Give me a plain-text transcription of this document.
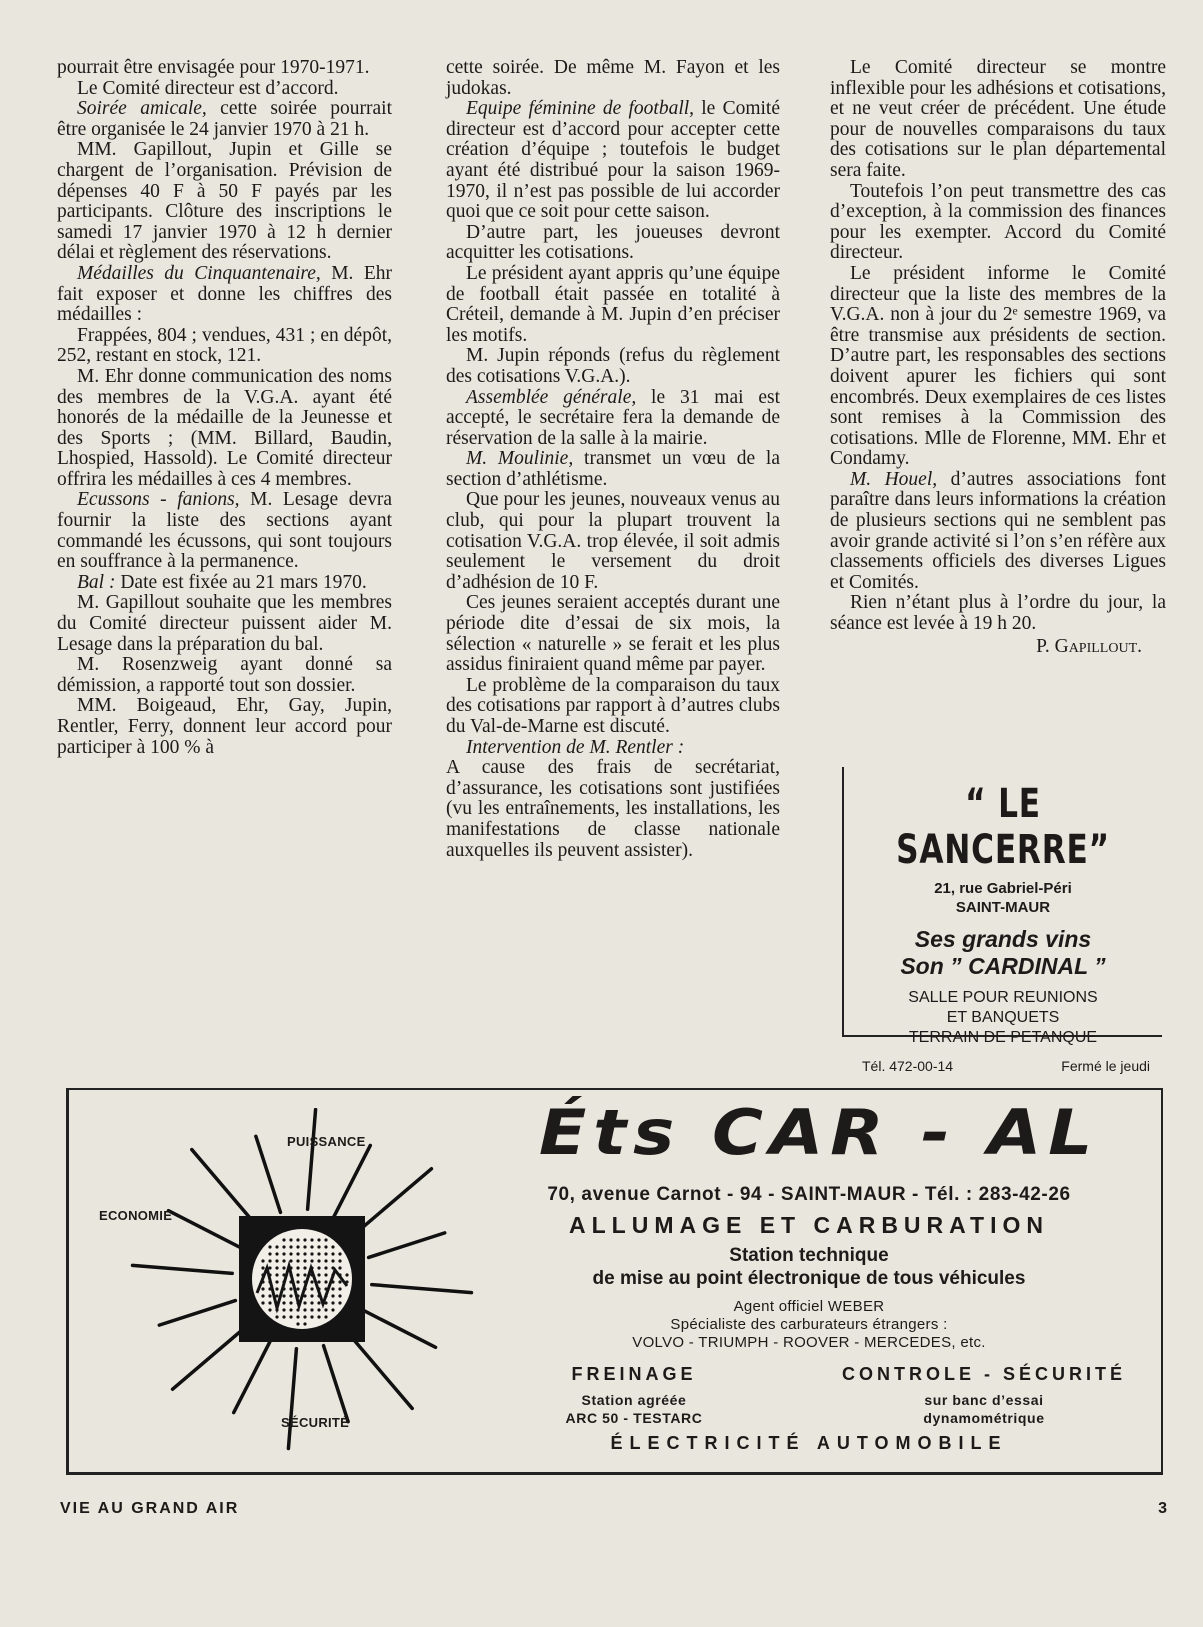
pourrait être envisagée pour 1970-1971.

Le Comité directeur est d’accord.

Soirée amicale, cette soirée pourrait être organisée le 24 janvier 1970 à 21 h.

MM. Gapillout, Jupin et Gille se chargent de l’organisation. Prévision de dépenses 40 F à 50 F payés par les participants. Clôture des inscriptions le samedi 17 janvier 1970 à 12 h dernier délai et règlement des réservations.

Médailles du Cinquantenaire, M. Ehr fait exposer et donne les chiffres des médailles :

Frappées, 804 ; vendues, 431 ; en dépôt, 252, restant en stock, 121.

M. Ehr donne communication des noms des membres de la V.G.A. ayant été honorés de la médaille de la Jeunesse et des Sports ; (MM. Billard, Baudin, Lhospied, Hassold). Le Comité directeur offrira les médailles à ces 4 membres.

Ecussons - fanions, M. Lesage devra fournir la liste des sections ayant commandé les écussons, qui sont toujours en souffrance à la permanence.

Bal : Date est fixée au 21 mars 1970.

M. Gapillout souhaite que les membres du Comité directeur puissent aider M. Lesage dans la préparation du bal.

M. Rosenzweig ayant donné sa démission, a rapporté tout son dossier.

MM. Boigeaud, Ehr, Gay, Jupin, Rentler, Ferry, donnent leur accord pour participer à 100 % à

cette soirée. De même M. Fayon et les judokas.

Equipe féminine de football, le Comité directeur est d’accord pour accepter cette création d’équipe ; toutefois le budget ayant été distribué pour la saison 1969-1970, il n’est pas possible de lui accorder quoi que ce soit pour cette saison.

D’autre part, les joueuses devront acquitter les cotisations.

Le président ayant appris qu’une équipe de football était passée en totalité à Créteil, demande à M. Jupin d’en préciser les motifs.

M. Jupin réponds (refus du règlement des cotisations V.G.A.).

Assemblée générale, le 31 mai est accepté, le secrétaire fera la demande de réservation de la salle à la mairie.

M. Moulinie, transmet un vœu de la section d’athlétisme.

Que pour les jeunes, nouveaux venus au club, qui pour la plupart trouvent la cotisation V.G.A. trop élevée, il soit admis seulement le versement du droit d’adhésion de 10 F.

Ces jeunes seraient acceptés durant une période dite d’essai de six mois, la sélection « naturelle » se ferait et les plus assidus finiraient quand même par payer.

Le problème de la comparaison du taux des cotisations par rapport à d’autres clubs du Val-de-Marne est discuté.

Intervention de M. Rentler :

A cause des frais de secrétariat, d’assurance, les cotisations sont justifiées (vu les entraînements, les installations, les manifestations de classe nationale auxquelles ils peuvent assister).

Le Comité directeur se montre inflexible pour les adhésions et cotisations, et ne veut créer de précédent. Une étude pour de nouvelles comparaisons du taux des cotisations sur le plan départemental sera faite.

Toutefois l’on peut transmettre des cas d’exception, à la commission des finances pour les exempter. Accord du Comité directeur.

Le président informe le Comité directeur que la liste des membres de la V.G.A. non à jour du 2ᵉ semestre 1969, va être transmise aux présidents de section. D’autre part, les responsables des sections doivent apurer les fichiers qui sont encombrés. Deux exemplaires de ces listes sont remises à la Commission des cotisations. Mlle de Florenne, MM. Ehr et Condamy.

M. Houel, d’autres associations font paraître dans leurs informations la création de plusieurs sections qui ne semblent pas avoir grande activité si l’on s’en réfère aux classements officiels des diverses Ligues et Comités.

Rien n’étant plus à l’ordre du jour, la séance est levée à 19 h 20.

P. Gapillout.

“ LE SANCERRE”
21, rue Gabriel-Péri
SAINT-MAUR
Ses grands vins
Son ” CARDINAL ”
SALLE POUR REUNIONS
ET BANQUETS
TERRAIN DE PETANQUE
Tél. 472-00-14	Fermé le jeudi
PUISSANCE
ECONOMIE
SÉCURITÉ
Éts CAR - AL
70, avenue Carnot - 94 - SAINT-MAUR - Tél. : 283-42-26
ALLUMAGE ET CARBURATION
Station technique
de mise au point électronique de tous véhicules
Agent officiel WEBER
Spécialiste des carburateurs étrangers :
VOLVO - TRIUMPH - ROOVER - MERCEDES, etc.
FREINAGE
Station agréée
ARC 50 - TESTARC
CONTROLE - SÉCURITÉ
sur banc d’essai
dynamométrique
ÉLECTRICITÉ AUTOMOBILE
VIE AU GRAND AIR	3
